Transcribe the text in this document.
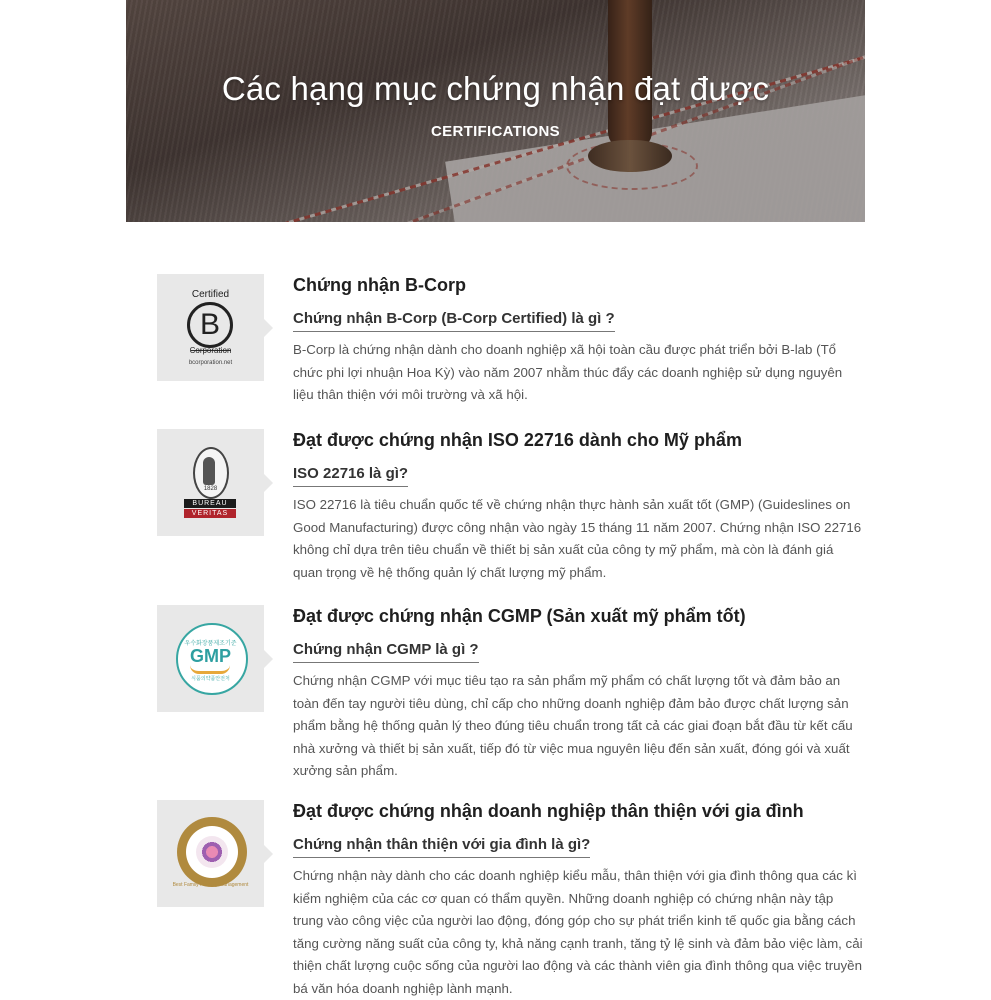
Các hạng mục chứng nhận đạt được
CERTIFICATIONS
Certified
B
Corporation
bcorporation.net
Chứng nhận B-Corp
Chứng nhận B-Corp (B-Corp Certified) là gì ?

B-Corp là chứng nhận dành cho doanh nghiệp xã hội toàn cầu được phát triển bởi B-lab (Tổ chức phi lợi nhuận Hoa Kỳ) vào năm 2007 nhằm thúc đẩy các doanh nghiệp sử dụng nguyên liệu thân thiện với môi trường và xã hội.

1828
BUREAU
VERITAS
Đạt được chứng nhận ISO 22716 dành cho Mỹ phẩm
ISO 22716 là gì?

ISO 22716 là tiêu chuẩn quốc tế về chứng nhận thực hành sản xuất tốt (GMP) (Guideslines on Good Manufacturing) được công nhận vào ngày 15 tháng 11 năm 2007. Chứng nhận ISO 22716 không chỉ dựa trên tiêu chuẩn về thiết bị sản xuất của công ty mỹ phẩm, mà còn là đánh giá quan trọng về hệ thống quản lý chất lượng mỹ phẩm.

우수화장품제조기준
GMP
식품의약품안전처
Đạt được chứng nhận CGMP (Sản xuất mỹ phẩm tốt)
Chứng nhận CGMP là gì ?

Chứng nhận CGMP với mục tiêu tạo ra sản phẩm mỹ phẩm có chất lượng tốt và đảm bảo an toàn đến tay người tiêu dùng, chỉ cấp cho những doanh nghiệp đảm bảo được chất lượng sản phẩm bằng hệ thống quản lý theo đúng tiêu chuẩn trong tất cả các giai đoạn bắt đầu từ kết cấu nhà xưởng và thiết bị sản xuất, tiếp đó từ việc mua nguyên liệu đến sản xuất, đóng gói và xuất xưởng sản phẩm.

Best Family Friendly Management
Đạt được chứng nhận doanh nghiệp thân thiện với gia đình
Chứng nhận thân thiện với gia đình là gì?

Chứng nhận này dành cho các doanh nghiệp kiểu mẫu, thân thiện với gia đình thông qua các kì kiểm nghiệm của các cơ quan có thẩm quyền. Những doanh nghiệp có chứng nhận này tập trung vào công việc của người lao động, đóng góp cho sự phát triển kinh tế quốc gia bằng cách tăng cường năng suất của công ty, khả năng cạnh tranh, tăng tỷ lệ sinh và đảm bảo việc làm, cải thiện chất lượng cuộc sống của người lao động và các thành viên gia đình thông qua việc truyền bá văn hóa doanh nghiệp lành mạnh.
